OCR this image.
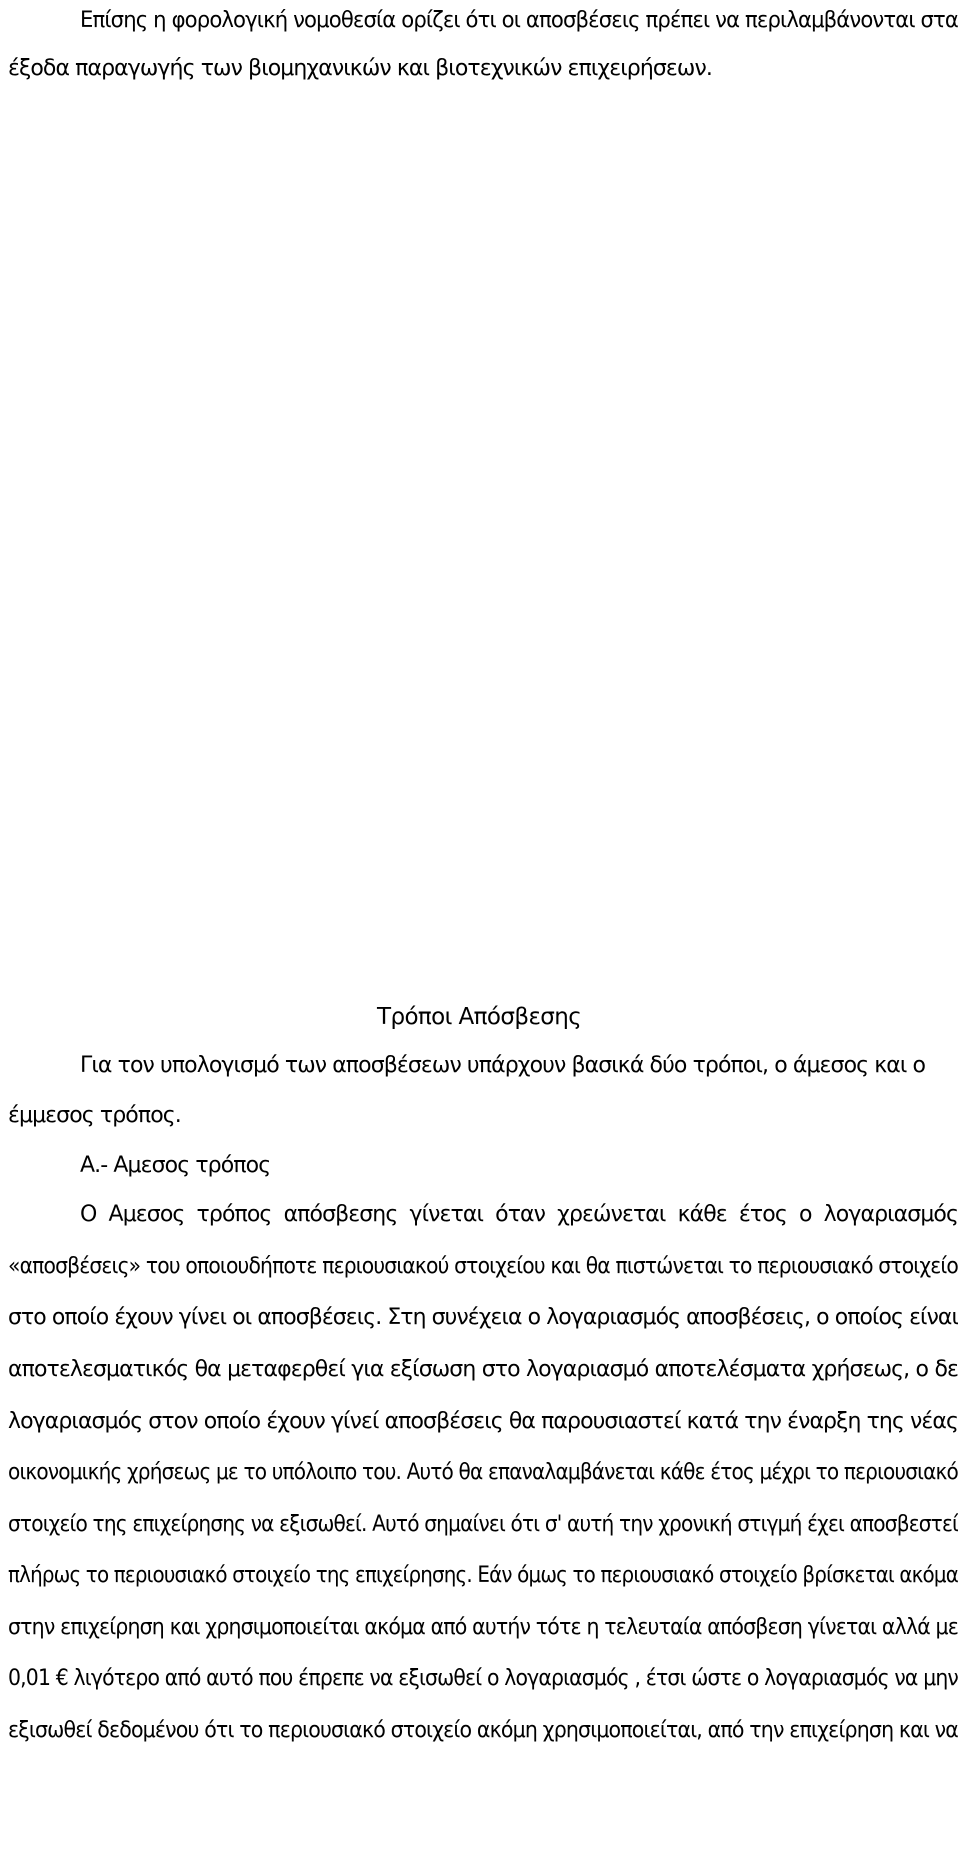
Επίσης η φορολογική νομοθεσία ορίζει ότι οι αποσβέσεις πρέπει να περιλαμβάνονται στα
έξοδα παραγωγής των βιομηχανικών και βιοτεχνικών επιχειρήσεων.
Τρόποι Απόσβεσης
Για τον υπολογισμό των αποσβέσεων υπάρχουν βασικά δύο τρόποι, ο άμεσος και ο
έμμεσος τρόπος.
Α.- Αμεσος τρόπος
Ο Αμεσος τρόπος απόσβεσης γίνεται όταν χρεώνεται κάθε έτος ο λογαριασμός
«αποσβέσεις» του οποιουδήποτε περιουσιακού στοιχείου και θα πιστώνεται το περιουσιακό στοιχείο
στο οποίο έχουν γίνει οι αποσβέσεις. Στη συνέχεια ο λογαριασμός αποσβέσεις, ο οποίος είναι
αποτελεσματικός θα μεταφερθεί για εξίσωση στο λογαριασμό αποτελέσματα χρήσεως, ο δε
λογαριασμός στον οποίο έχουν γίνεί αποσβέσεις θα παρουσιαστεί κατά την έναρξη της νέας
οικονομικής χρήσεως με το υπόλοιπο του. Αυτό θα επαναλαμβάνεται κάθε έτος μέχρι το περιουσιακό
στοιχείο της επιχείρησης να εξισωθεί. Αυτό σημαίνει ότι σ' αυτή την χρονική στιγμή έχει αποσβεστεί
πλήρως το περιουσιακό στοιχείο της επιχείρησης. Εάν όμως το περιουσιακό στοιχείο βρίσκεται ακόμα
στην επιχείρηση και χρησιμοποιείται ακόμα από αυτήν τότε η τελευταία απόσβεση γίνεται αλλά με
0,01 € λιγότερο από αυτό που έπρεπε να εξισωθεί ο λογαριασμός , έτσι ώστε ο λογαριασμός να μην
εξισωθεί δεδομένου ότι το περιουσιακό στοιχείο ακόμη χρησιμοποιείται, από την επιχείρηση και να
